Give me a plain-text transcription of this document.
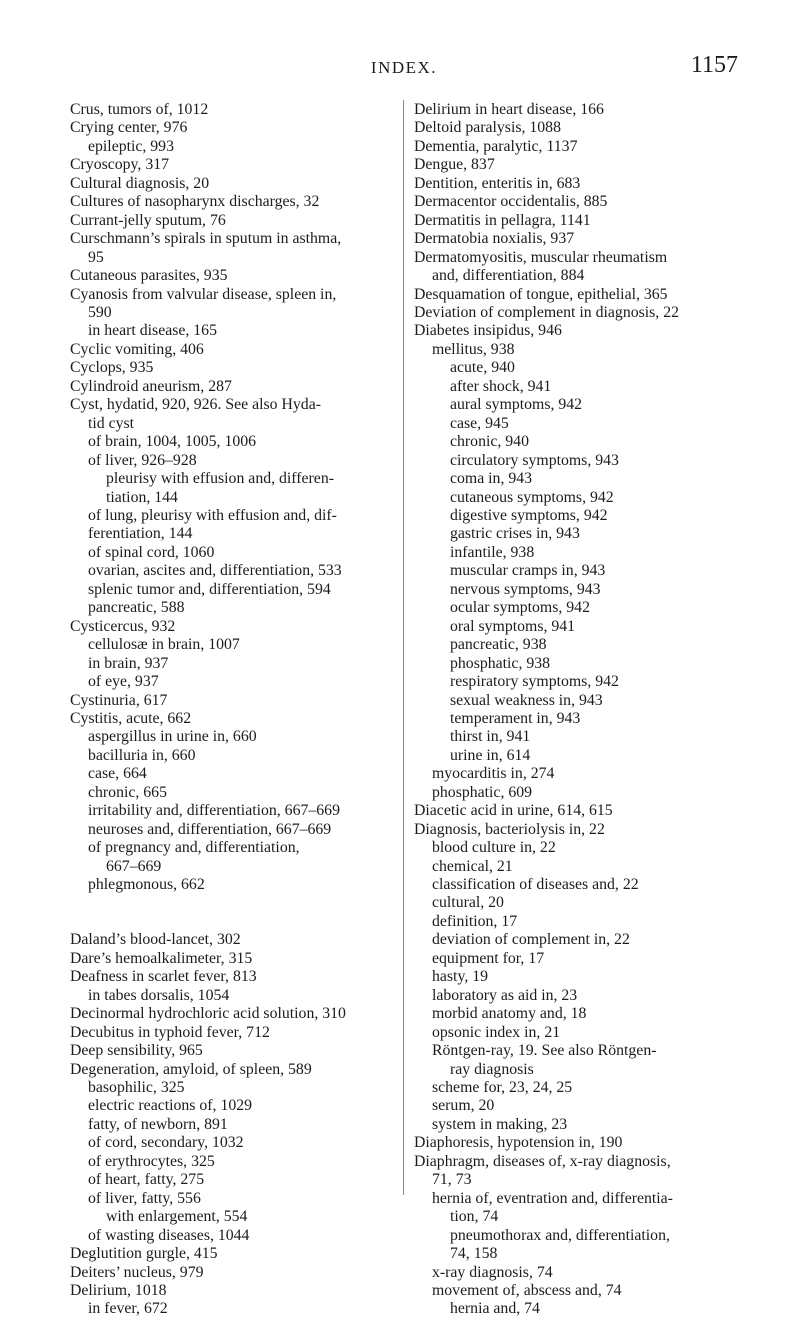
INDEX.	1157
Crus, tumors of, 1012
Crying center, 976
epileptic, 993
Cryoscopy, 317
Cultural diagnosis, 20
Cultures of nasopharynx discharges, 32
Currant-jelly sputum, 76
Curschmann’s spirals in sputum in asthma,
95
Cutaneous parasites, 935
Cyanosis from valvular disease, spleen in,
590
in heart disease, 165
Cyclic vomiting, 406
Cyclops, 935
Cylindroid aneurism, 287
Cyst, hydatid, 920, 926. See also Hyda-
tid cyst
of brain, 1004, 1005, 1006
of liver, 926–928
pleurisy with effusion and, differen-
tiation, 144
of lung, pleurisy with effusion and, dif-
ferentiation, 144
of spinal cord, 1060
ovarian, ascites and, differentiation, 533
splenic tumor and, differentiation, 594
pancreatic, 588
Cysticercus, 932
cellulosæ in brain, 1007
in brain, 937
of eye, 937
Cystinuria, 617
Cystitis, acute, 662
aspergillus in urine in, 660
bacilluria in, 660
case, 664
chronic, 665
irritability and, differentiation, 667–669
neuroses and, differentiation, 667–669
of pregnancy and, differentiation,
667–669
phlegmonous, 662

Daland’s blood-lancet, 302
Dare’s hemoalkalimeter, 315
Deafness in scarlet fever, 813
in tabes dorsalis, 1054
Decinormal hydrochloric acid solution, 310
Decubitus in typhoid fever, 712
Deep sensibility, 965
Degeneration, amyloid, of spleen, 589
basophilic, 325
electric reactions of, 1029
fatty, of newborn, 891
of cord, secondary, 1032
of erythrocytes, 325
of heart, fatty, 275
of liver, fatty, 556
with enlargement, 554
of wasting diseases, 1044
Deglutition gurgle, 415
Deiters’ nucleus, 979
Delirium, 1018
in fever, 672
Delirium in heart disease, 166
Deltoid paralysis, 1088
Dementia, paralytic, 1137
Dengue, 837
Dentition, enteritis in, 683
Dermacentor occidentalis, 885
Dermatitis in pellagra, 1141
Dermatobia noxialis, 937
Dermatomyositis, muscular rheumatism
and, differentiation, 884
Desquamation of tongue, epithelial, 365
Deviation of complement in diagnosis, 22
Diabetes insipidus, 946
mellitus, 938
acute, 940
after shock, 941
aural symptoms, 942
case, 945
chronic, 940
circulatory symptoms, 943
coma in, 943
cutaneous symptoms, 942
digestive symptoms, 942
gastric crises in, 943
infantile, 938
muscular cramps in, 943
nervous symptoms, 943
ocular symptoms, 942
oral symptoms, 941
pancreatic, 938
phosphatic, 938
respiratory symptoms, 942
sexual weakness in, 943
temperament in, 943
thirst in, 941
urine in, 614
myocarditis in, 274
phosphatic, 609
Diacetic acid in urine, 614, 615
Diagnosis, bacteriolysis in, 22
blood culture in, 22
chemical, 21
classification of diseases and, 22
cultural, 20
definition, 17
deviation of complement in, 22
equipment for, 17
hasty, 19
laboratory as aid in, 23
morbid anatomy and, 18
opsonic index in, 21
Röntgen-ray, 19. See also Röntgen-
ray diagnosis
scheme for, 23, 24, 25
serum, 20
system in making, 23
Diaphoresis, hypotension in, 190
Diaphragm, diseases of, x-ray diagnosis,
71, 73
hernia of, eventration and, differentia-
tion, 74
pneumothorax and, differentiation,
74, 158
x-ray diagnosis, 74
movement of, abscess and, 74
hernia and, 74
